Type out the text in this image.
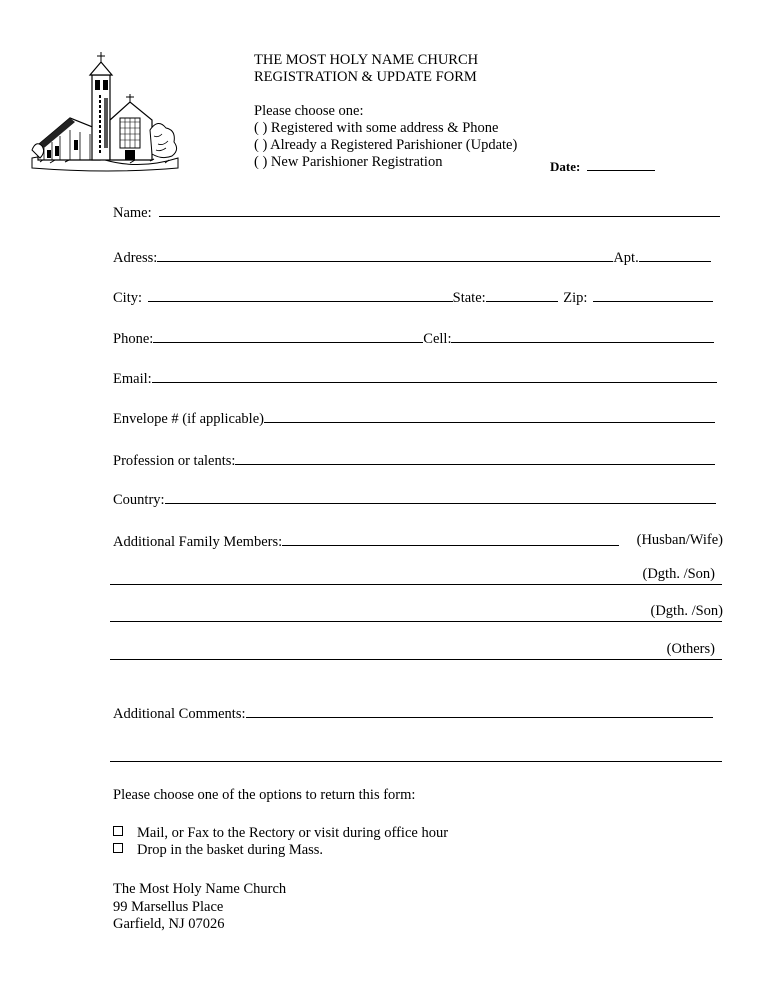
THE MOST HOLY NAME CHURCH
REGISTRATION & UPDATE FORM
Please choose one:
( ) Registered with some address & Phone
( ) Already a Registered Parishioner (Update)
( ) New Parishioner Registration	Date:
Name:
Adress:	Apt.
City:	State:	Zip:
Phone:	Cell:
Email:
Envelope # (if applicable)
Profession or talents:
Country:
Additional Family Members:	(Husban/Wife)
(Dgth. /Son)
(Dgth. /Son)
(Others)
Additional Comments:
Please choose one of the options to return this form:
Mail, or Fax to the Rectory or visit during office hour
Drop in the basket during Mass.
The Most Holy Name Church
99 Marsellus Place
Garfield, NJ 07026
